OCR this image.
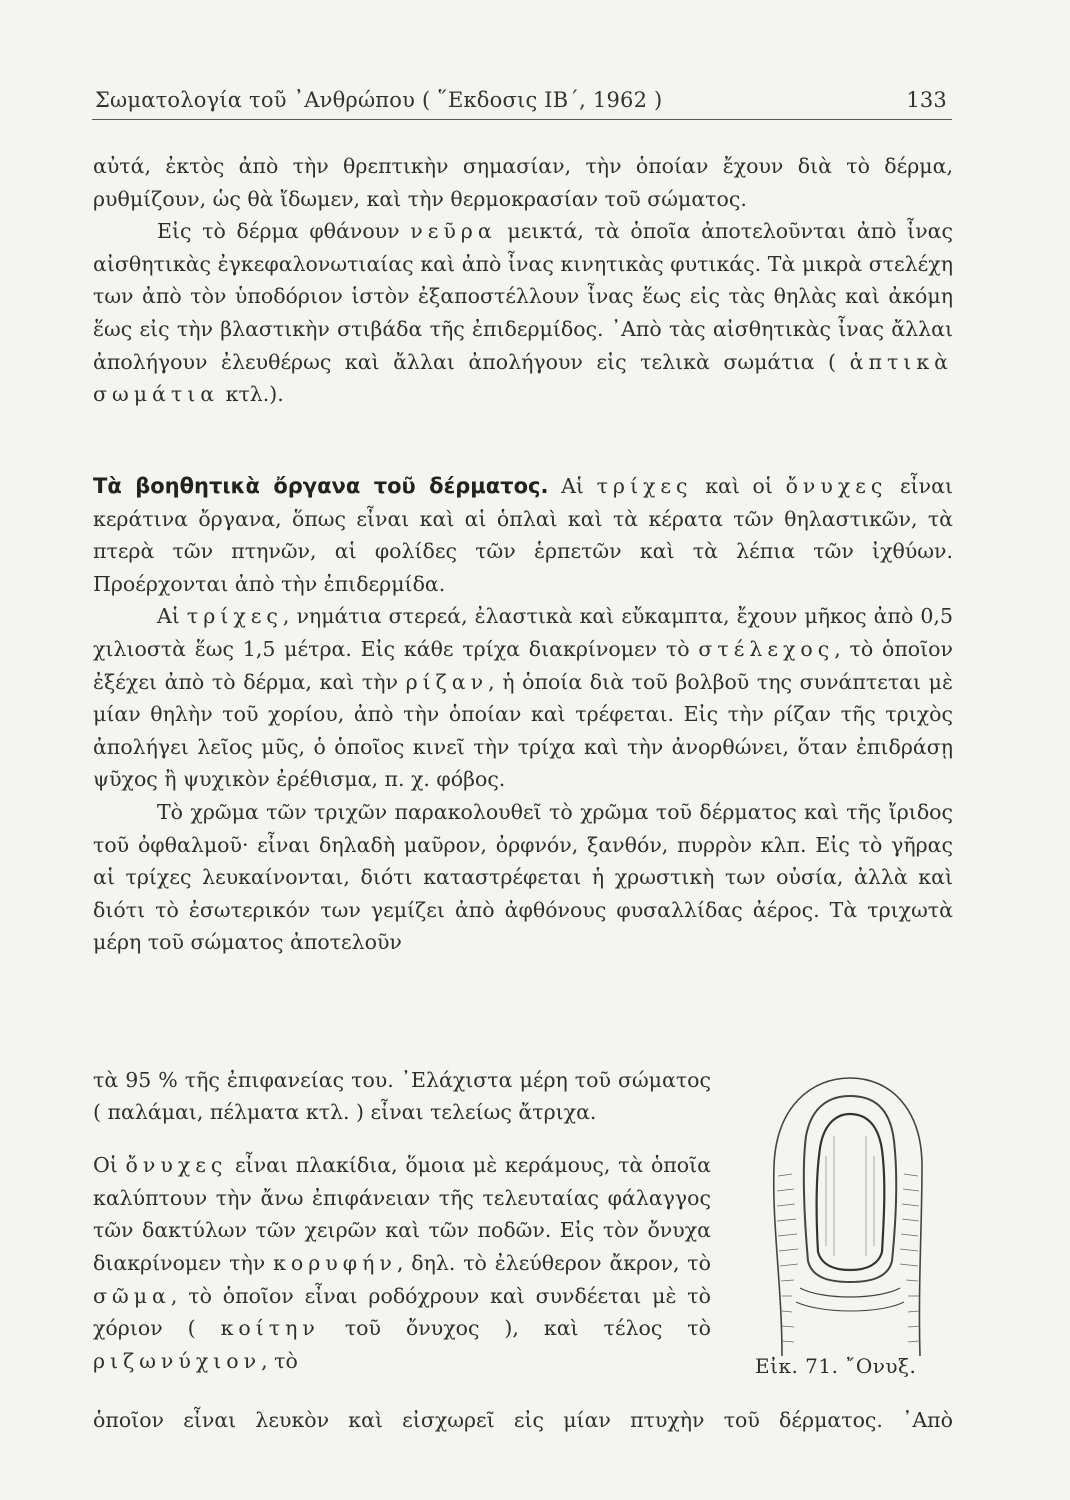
Σωματολογία τοῦ ᾿Ανθρώπου ( ῞Εκδοσις ΙΒ΄, 1962 )	133

αὐτά, ἐκτὸς ἀπὸ τὴν θρεπτικὴν σημασίαν, τὴν ὁποίαν ἔχουν διὰ τὸ δέρμα, ρυθμίζουν, ὡς θὰ ἴδωμεν, καὶ τὴν θερμοκρασίαν τοῦ σώματος.

Εἰς τὸ δέρμα φθάνουν νεῦρα μεικτά, τὰ ὁποῖα ἀποτελοῦνται ἀπὸ ἶνας αἰσθητικὰς ἐγκεφαλονωτιαίας καὶ ἀπὸ ἶνας κινητικὰς φυτικάς. Τὰ μικρὰ στελέχη των ἀπὸ τὸν ὑποδόριον ἱστὸν ἐξαποστέλλουν ἶνας ἕως εἰς τὰς θηλὰς καὶ ἀκόμη ἕως εἰς τὴν βλαστικὴν στιβάδα τῆς ἐπιδερμίδος. ᾿Απὸ τὰς αἰσθητικὰς ἶνας ἄλλαι ἀπολήγουν ἐλευθέρως καὶ ἄλλαι ἀπολήγουν εἰς τελικὰ σωμάτια ( ἁπτικὰ σωμάτια κτλ.).

Τὰ βοηθητικὰ ὄργανα τοῦ δέρματος. Αἱ τρίχες καὶ οἱ ὄνυχες εἶναι κεράτινα ὄργανα, ὅπως εἶναι καὶ αἱ ὁπλαὶ καὶ τὰ κέρατα τῶν θηλαστικῶν, τὰ πτερὰ τῶν πτηνῶν, αἱ φολίδες τῶν ἑρπετῶν καὶ τὰ λέπια τῶν ἰχθύων. Προέρχονται ἀπὸ τὴν ἐπιδερμίδα.

Αἱ τρίχες, νημάτια στερεά, ἐλαστικὰ καὶ εὔκαμπτα, ἔχουν μῆκος ἀπὸ 0,5 χιλιοστὰ ἕως 1,5 μέτρα. Εἰς κάθε τρίχα διακρίνομεν τὸ στέλεχος, τὸ ὁποῖον ἐξέχει ἀπὸ τὸ δέρμα, καὶ τὴν ρίζαν, ἡ ὁποία διὰ τοῦ βολβοῦ της συνάπτεται μὲ μίαν θηλὴν τοῦ χορίου, ἀπὸ τὴν ὁποίαν καὶ τρέφεται. Εἰς τὴν ρίζαν τῆς τριχὸς ἀπολήγει λεῖος μῦς, ὁ ὁποῖος κινεῖ τὴν τρίχα καὶ τὴν ἀνορθώνει, ὅταν ἐπιδράσῃ ψῦχος ἢ ψυχικὸν ἐρέθισμα, π. χ. φόβος.

Τὸ χρῶμα τῶν τριχῶν παρακολουθεῖ τὸ χρῶμα τοῦ δέρματος καὶ τῆς ἴριδος τοῦ ὀφθαλμοῦ· εἶναι δηλαδὴ μαῦρον, ὀρφνόν, ξανθόν, πυρρὸν κλπ. Εἰς τὸ γῆρας αἱ τρίχες λευκαίνονται, διότι καταστρέφεται ἡ χρωστικὴ των οὐσία, ἀλλὰ καὶ διότι τὸ ἐσωτερικόν των γεμίζει ἀπὸ ἀφθόνους φυσαλλίδας ἀέρος. Τὰ τριχωτὰ μέρη τοῦ σώματος ἀποτελοῦν

τὰ 95 % τῆς ἐπιφανείας του. ᾿Ελάχιστα μέρη τοῦ σώματος ( παλάμαι, πέλματα κτλ. ) εἶναι τελείως ἄτριχα.

Οἱ ὄνυχες εἶναι πλακίδια, ὅμοια μὲ κεράμους, τὰ ὁποῖα καλύπτουν τὴν ἄνω ἐπιφάνειαν τῆς τελευταίας φάλαγγος τῶν δακτύλων τῶν χειρῶν καὶ τῶν ποδῶν. Εἰς τὸν ὄνυχα διακρίνομεν τὴν κορυφήν, δηλ. τὸ ἐλεύθερον ἄκρον, τὸ σῶμα, τὸ ὁποῖον εἶναι ροδόχρουν καὶ συνδέεται μὲ τὸ χόριον ( κοίτην τοῦ ὄνυχος ), καὶ τέλος τὸ ριζωνύχιον, τὸ	Εἰκ. 71. ῎Ονυξ.
ὁποῖον εἶναι λευκὸν καὶ εἰσχωρεῖ εἰς μίαν πτυχὴν τοῦ δέρματος. ᾿Απὸ
